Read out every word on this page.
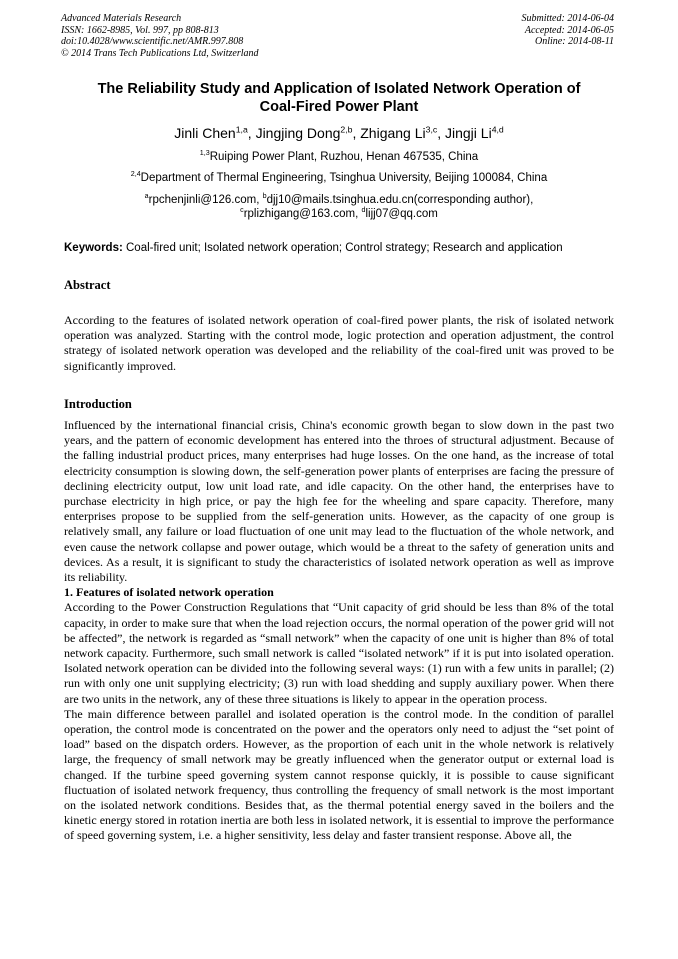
Advanced Materials Research
ISSN: 1662-8985, Vol. 997, pp 808-813
doi:10.4028/www.scientific.net/AMR.997.808
© 2014 Trans Tech Publications Ltd, Switzerland
Submitted: 2014-06-04
Accepted: 2014-06-05
Online: 2014-08-11
The Reliability Study and Application of Isolated Network Operation of
Coal-Fired Power Plant
Jinli Chen$^{1,a}$, Jingjing Dong$^{2,b}$, Zhigang Li$^{3,c}$, Jingji Li$^{4,d}$
$^{1,3}$Ruiping Power Plant, Ruzhou, Henan 467535, China
$^{2,4}$Department of Thermal Engineering, Tsinghua University, Beijing 100084, China
$^a$rpchenjinli@126.com, $^b$djj10@mails.tsinghua.edu.cn(corresponding author),
$^c$rplizhigang@163.com, $^d$lijj07@qq.com
Keywords: Coal-fired unit; Isolated network operation; Control strategy; Research and application
Abstract

According to the features of isolated network operation of coal-fired power plants, the risk of isolated network operation was analyzed. Starting with the control mode, logic protection and operation adjustment, the control strategy of isolated network operation was developed and the reliability of the coal-fired unit was proved to be significantly improved.

Introduction

Influenced by the international financial crisis, China's economic growth began to slow down in the past two years, and the pattern of economic development has entered into the throes of structural adjustment. Because of the falling industrial product prices, many enterprises had huge losses. On the one hand, as the increase of total electricity consumption is slowing down, the self-generation power plants of enterprises are facing the pressure of declining electricity output, low unit load rate, and idle capacity. On the other hand, the enterprises have to purchase electricity in high price, or pay the high fee for the wheeling and spare capacity. Therefore, many enterprises propose to be supplied from the self-generation units. However, as the capacity of one group is relatively small, any failure or load fluctuation of one unit may lead to the fluctuation of the whole network, and even cause the network collapse and power outage, which would be a threat to the safety of generation units and devices. As a result, it is significant to study the characteristics of isolated network operation as well as improve its reliability.

1. Features of isolated network operation

According to the Power Construction Regulations that “Unit capacity of grid should be less than 8% of the total capacity, in order to make sure that when the load rejection occurs, the normal operation of the power grid will not be affected”, the network is regarded as “small network” when the capacity of one unit is higher than 8% of total network capacity. Furthermore, such small network is called “isolated network” if it is put into isolated operation. Isolated network operation can be divided into the following several ways: (1) run with a few units in parallel; (2) run with only one unit supplying electricity; (3) run with load shedding and supply auxiliary power. When there are two units in the network, any of these three situations is likely to appear in the operation process.

The main difference between parallel and isolated operation is the control mode. In the condition of parallel operation, the control mode is concentrated on the power and the operators only need to adjust the “set point of load” based on the dispatch orders. However, as the proportion of each unit in the whole network is relatively large, the frequency of small network may be greatly influenced when the generator output or external load is changed. If the turbine speed governing system cannot response quickly, it is possible to cause significant fluctuation of isolated network frequency, thus controlling the frequency of small network is the most important on the isolated network conditions. Besides that, as the thermal potential energy saved in the boilers and the kinetic energy stored in rotation inertia are both less in isolated network, it is essential to improve the performance of speed governing system, i.e. a higher sensitivity, less delay and faster transient response. Above all, the
